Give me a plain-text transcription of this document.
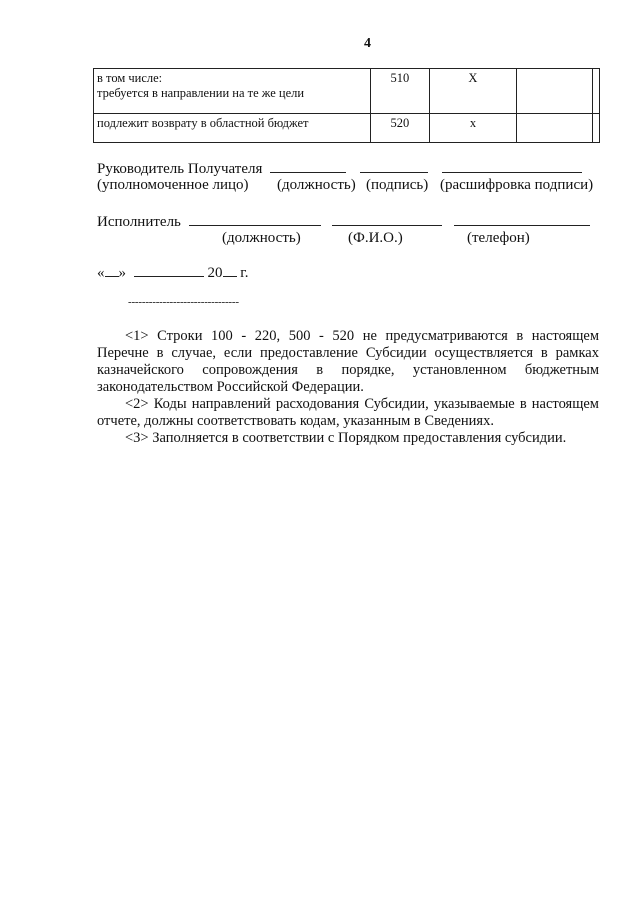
4
в том числе:
требуется в направлении на те же цели	510	X		

подлежит возврату в областной бюджет	520	x		
Руководитель Получателя
(уполномоченное лицо) (должность) (подпись) (расшифровка подписи)
Исполнитель
(должность)	(Ф.И.О.)	(телефон)
« »	20 г.
--------------------------------

<1> Строки 100 - 220, 500 - 520 не предусматриваются в настоящем Перечне в случае, если предоставление Субсидии осуществляется в рамках казначейского сопровождения в порядке, установленном бюджетным законодательством Российской Федерации.

<2> Коды направлений расходования Субсидии, указываемые в настоящем отчете, должны соответствовать кодам, указанным в Сведениях.

<3> Заполняется в соответствии с Порядком предоставления субсидии.
